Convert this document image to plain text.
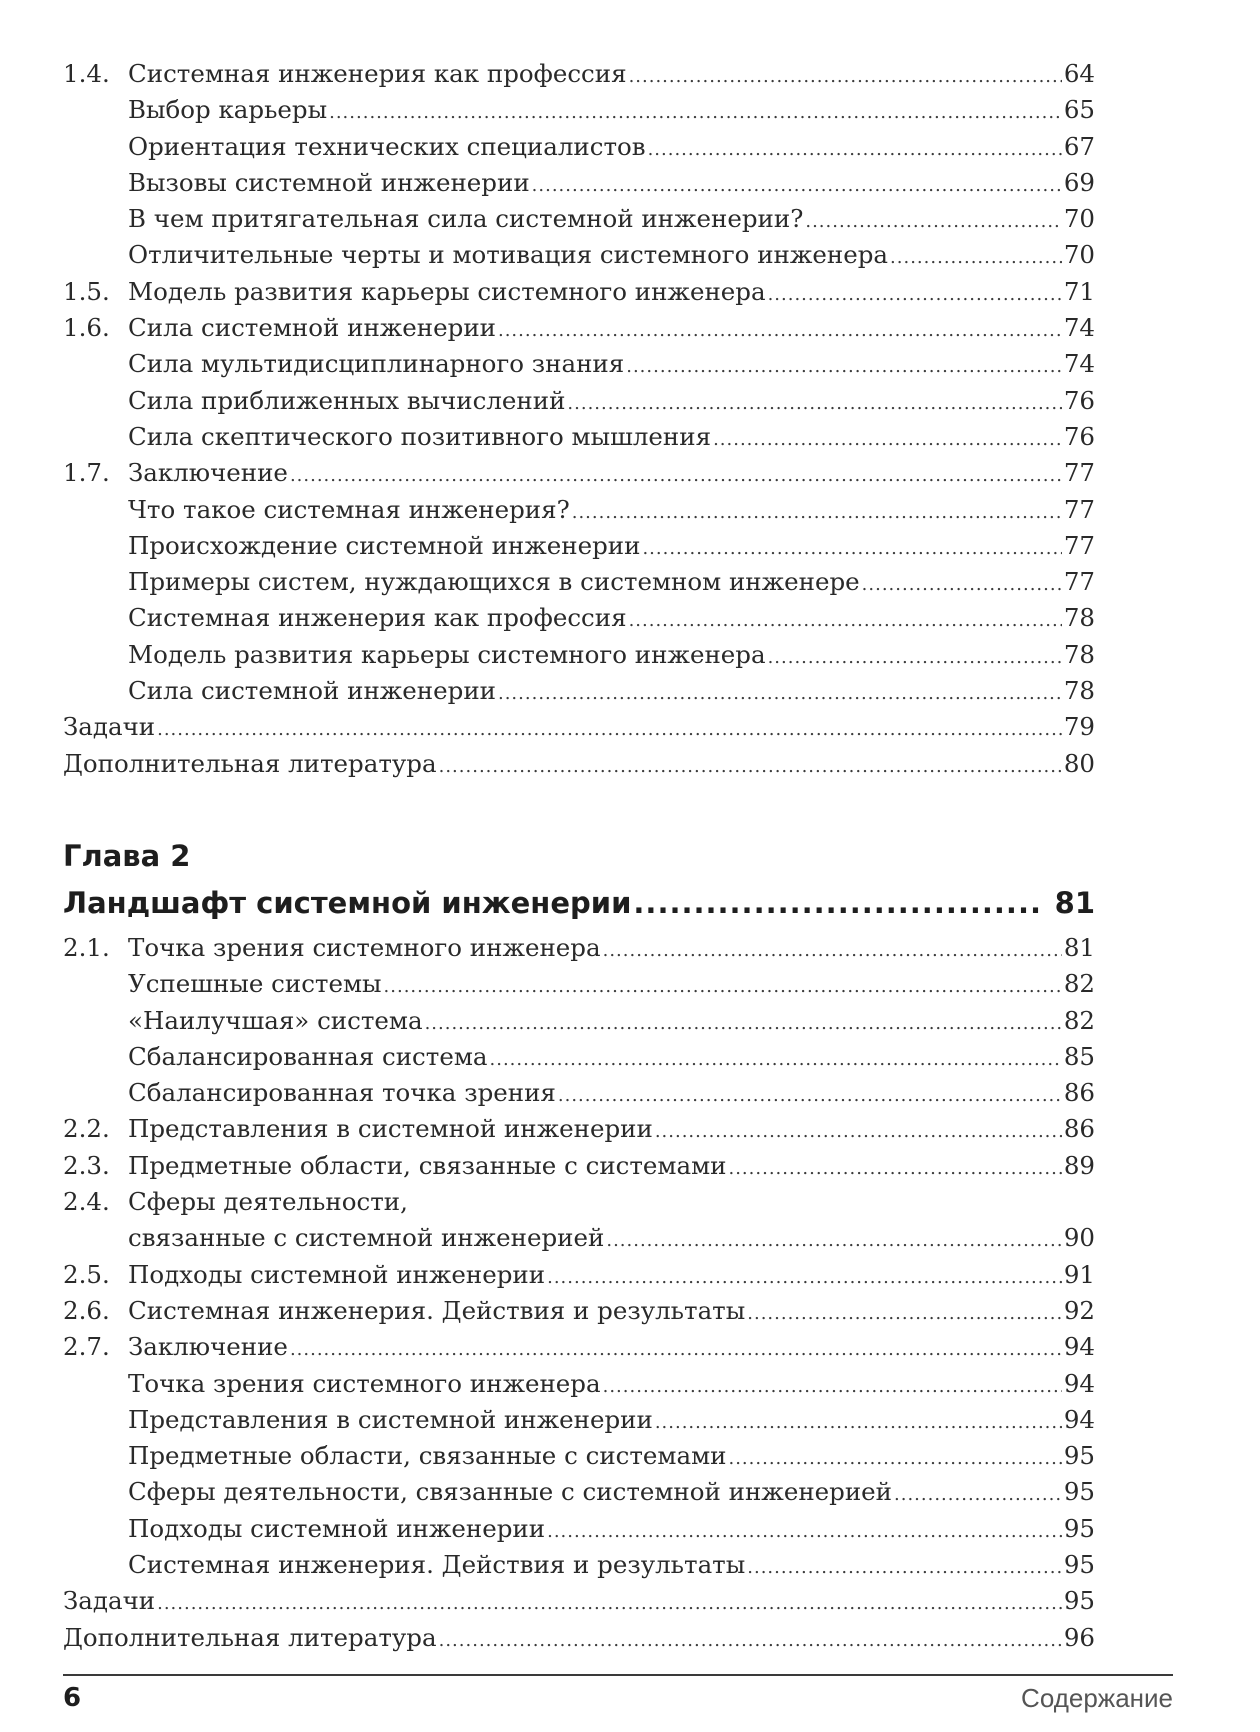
1.4. Системная инженерия как профессия .....	64
Выбор карьеры .....	65
Ориентация технических специалистов .....	67
Вызовы системной инженерии .....	69
В чем притягательная сила системной инженерии? .....	70
Отличительные черты и мотивация системного инженера .....	70
1.5. Модель развития карьеры системного инженера .....	71
1.6. Сила системной инженерии .....	74
Сила мультидисциплинарного знания .....	74
Сила приближенных вычислений .....	76
Сила скептического позитивного мышления .....	76
1.7. Заключение .....	77
Что такое системная инженерия? .....	77
Происхождение системной инженерии .....	77
Примеры систем, нуждающихся в системном инженере .....	77
Системная инженерия как профессия .....	78
Модель развития карьеры системного инженера .....	78
Сила системной инженерии .....	78
Задачи .....	79
Дополнительная литература .....	80
Глава 2
Ландшафт системной инженерии .....	81
2.1. Точка зрения системного инженера .....	81
Успешные системы .....	82
«Наилучшая» система .....	82
Сбалансированная система .....	85
Сбалансированная точка зрения .....	86
2.2. Представления в системной инженерии .....	86
2.3. Предметные области, связанные с системами .....	89
2.4. Сферы деятельности,
связанные с системной инженерией .....	90
2.5. Подходы системной инженерии .....	91
2.6. Системная инженерия. Действия и результаты .....	92
2.7. Заключение .....	94
Точка зрения системного инженера .....	94
Представления в системной инженерии .....	94
Предметные области, связанные с системами .....	95
Сферы деятельности, связанные с системной инженерией .....	95
Подходы системной инженерии .....	95
Системная инженерия. Действия и результаты .....	95
Задачи .....	95
Дополнительная литература .....	96
6	Содержание
